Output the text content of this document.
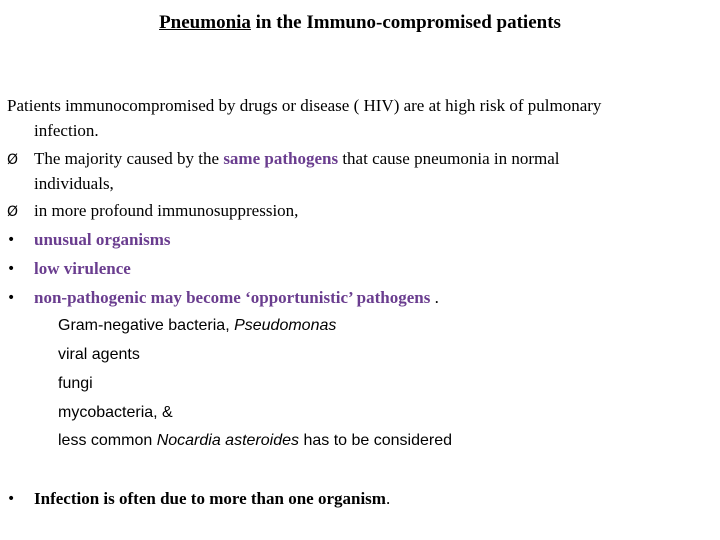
Pneumonia in the Immuno-compromised patients
Patients immunocompromised by drugs or disease ( HIV) are at high risk of pulmonary
infection.
Ø The majority caused by the same pathogens that cause pneumonia in normal
individuals,
Ø in more profound immunosuppression,
• unusual organisms
• low virulence
• non-pathogenic may become ‘opportunistic’ pathogens .
Gram-negative bacteria, Pseudomonas
viral agents
fungi
mycobacteria, &
less common Nocardia asteroides has to be considered
• Infection is often due to more than one organism.
